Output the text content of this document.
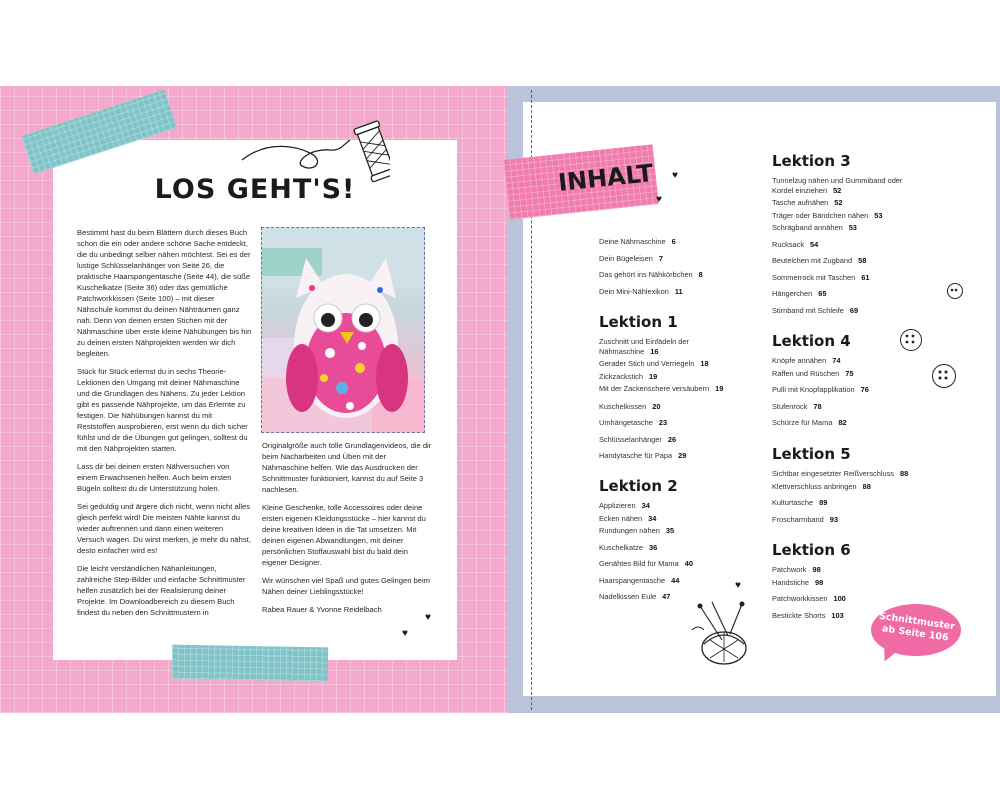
LOS GEHT'S!

Bestimmt hast du beim Blättern durch dieses Buch schon die ein oder andere schöne Sache entdeckt, die du unbedingt selber nähen möchtest. Sei es der lustige Schlüsselanhänger von Seite 26, die praktische Haarspangentasche (Seite 44), die süße Kuschelkatze (Seite 36) oder das gemütliche Patchworkkissen (Seite 100) – mit dieser Nähschule kommst du deinen Nähträumen ganz nah. Denn von deinen ersten Stichen mit der Nähmaschine über erste kleine Nähübungen bis hin zu deinen ersten Nähprojekten werden wir dich begleiten.

Stück für Stück erlernst du in sechs Theorie-Lektionen den Umgang mit deiner Nähmaschine und die Grundlagen des Nähens. Zu jeder Lektion gibt es passende Nähprojekte, um das Erlernte zu festigen. Die Nähübungen kannst du mit Reststoffen ausprobieren, erst wenn du dich sicher fühlst und dir die Übungen gut gelingen, solltest du mit den Nähprojekten starten.

Lass dir bei deinen ersten Nähversuchen von einem Erwachsenen helfen. Auch beim ersten Bügeln solltest du dir Unterstützung holen.

Sei geduldig und ärgere dich nicht, wenn nicht alles gleich perfekt wird! Die meisten Nähte kannst du wieder auftrennen und dann einen weiteren Versuch wagen. Du wirst merken, je mehr du nähst, desto einfacher wird es!

Die leicht verständlichen Nähanleitungen, zahlreiche Step-Bilder und einfache Schnittmuster helfen zusätzlich bei der Realisierung deiner Projekte. Im Downloadbereich zu diesem Buch findest du neben den Schnittmustern in

Originalgröße auch tolle Grundlagenvideos, die dir beim Nacharbeiten und Üben mit der Nähmaschine helfen. Wie das Ausdrucken der Schnittmuster funktioniert, kannst du auf Seite 3 nachlesen.

Kleine Geschenke, tolle Accessoires oder deine ersten eigenen Kleidungsstücke – hier kannst du deine kreativen Ideen in die Tat umsetzen. Mit deinen eigenen Abwandlungen, mit deiner persönlichen Stoffauswahl bist du bald dein eigener Designer.

Wir wünschen viel Spaß und gutes Gelingen beim Nähen deiner Lieblingsstücke!

Rabea Rauer & Yvonne Reidelbach

♥
♥
INHALT ♥
♥
Deine Nähmaschine 6
Dein Bügeleisen 7
Das gehört ins Nähkörbchen 8
Dein Mini-Nählexikon 11
Lektion 1
Zuschnitt und Einfädeln der Nähmaschine 16
Gerader Stich und Verriegeln 18
Zickzackstich 19
Mit der Zackenschere versäubern 19
Kuschelkissen 20
Umhängetasche 23
Schlüsselanhänger 26
Handytasche für Papa 29
Lektion 2
Applizieren 34
Ecken nähen 34
Rundungen nähen 35
Kuschelkatze 36
Genähtes Bild für Mama 40
Haarspangentasche 44
Nadelkissen Eule 47
♥
Lektion 3
Tunnelzug nähen und Gummiband oder Kordel einziehen 52
Tasche aufnähen 52
Träger oder Bändchen nähen 53
Schrägband annähen 53
Rucksack 54
Beutelchen mit Zugband 58
Sommerrock mit Taschen 61
Hängerchen 65
Stirnband mit Schleife 69
Lektion 4
Knöpfe annähen 74
Raffen und Rüschen 75
Pulli mit Knopfapplikation 76
Stufenrock 78
Schürze für Mama 82
Lektion 5
Sichtbar eingesetzter Reißverschluss 88
Klettverschluss anbringen 88
Kulturtasche 89
Froscharmband 93
Lektion 6
Patchwork 98
Handstiche 98
Patchworkkissen 100
Bestickte Shorts 103	Schnittmuster ab Seite 106
